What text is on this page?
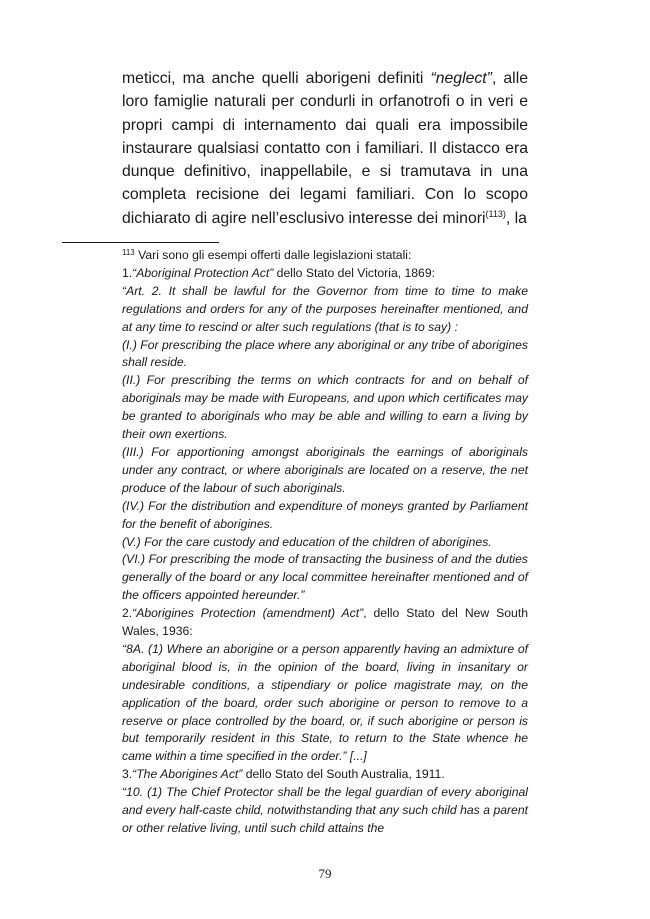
meticci, ma anche quelli aborigeni definiti “neglect”, alle loro famiglie naturali per condurli in orfanotrofi o in veri e propri campi di internamento dai quali era impossibile instaurare qualsiasi contatto con i familiari. Il distacco era dunque definitivo, inappellabile, e si tramutava in una completa recisione dei legami familiari. Con lo scopo dichiarato di agire nell’esclusivo interesse dei minori$^{(113)}$, la

$^{113}$ Vari sono gli esempi offerti dalle legislazioni statali:

1.“Aboriginal Protection Act” dello Stato del Victoria, 1869:

“Art. 2. It shall be lawful for the Governor from time to time to make regulations and orders for any of the purposes hereinafter mentioned, and at any time to rescind or alter such regulations (that is to say) :

(I.) For prescribing the place where any aboriginal or any tribe of aborigines shall reside.

(II.) For prescribing the terms on which contracts for and on behalf of aboriginals may be made with Europeans, and upon which certificates may be granted to aboriginals who may be able and willing to earn a living by their own exertions.

(III.) For apportioning amongst aboriginals the earnings of aboriginals under any contract, or where aboriginals are located on a reserve, the net produce of the labour of such aboriginals.

(IV.) For the distribution and expenditure of moneys granted by Parliament for the benefit of aborigines.

(V.) For the care custody and education of the children of aborigines.

(VI.) For prescribing the mode of transacting the business of and the duties generally of the board or any local committee hereinafter mentioned and of the officers appointed hereunder.”

2.“Aborigines Protection (amendment) Act”, dello Stato del New South Wales, 1936:

“8A. (1) Where an aborigine or a person apparently having an admixture of aboriginal blood is, in the opinion of the board, living in insanitary or undesirable conditions, a stipendiary or police magistrate may, on the application of the board, order such aborigine or person to remove to a reserve or place controlled by the board, or, if such aborigine or person is but temporarily resident in this State, to return to the State whence he came within a time specified in the order.” [...]

3.“The Aborigines Act” dello Stato del South Australia, 1911.

“10. (1) The Chief Protector shall be the legal guardian of every aboriginal and every half-caste child, notwithstanding that any such child has a parent or other relative living, until such child attains the

79
